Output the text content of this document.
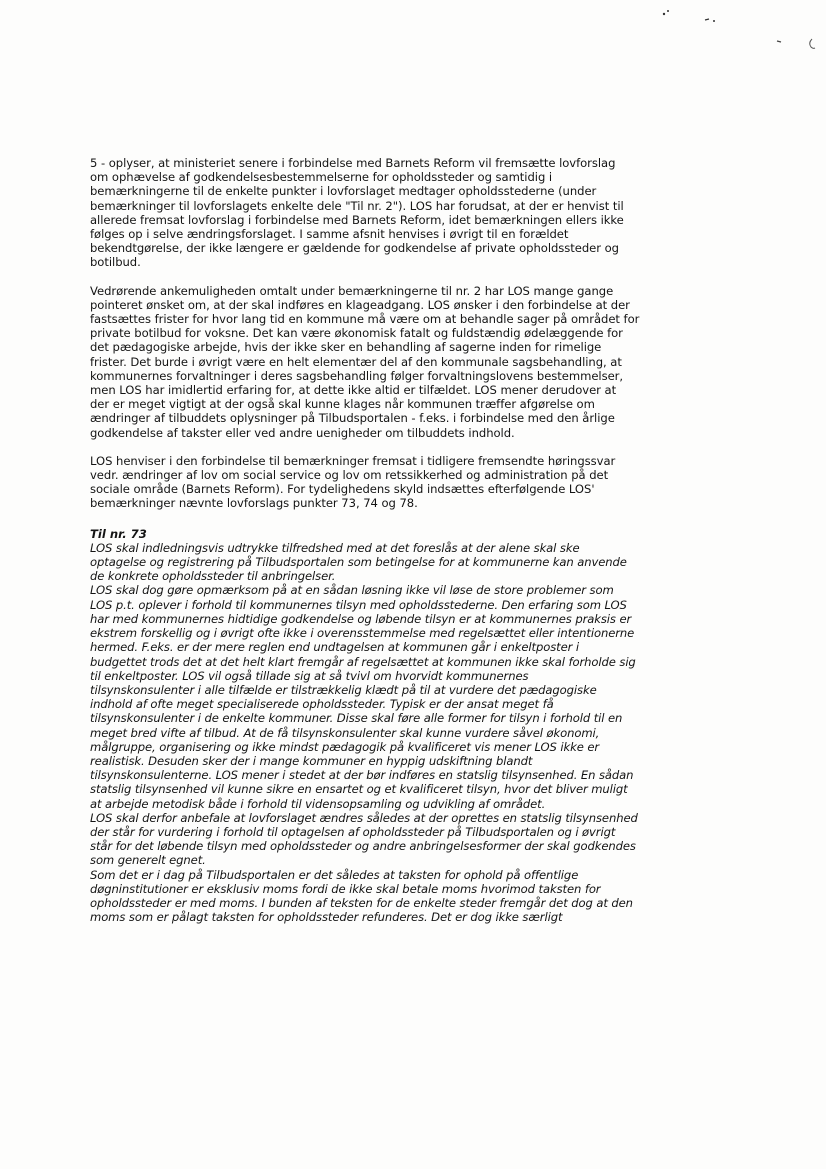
5 - oplyser, at ministeriet senere i forbindelse med Barnets Reform vil fremsætte lovforslag
om ophævelse af godkendelsesbestemmelserne for opholdssteder og samtidig i
bemærkningerne til de enkelte punkter i lovforslaget medtager opholdsstederne (under
bemærkninger til lovforslagets enkelte dele "Til nr. 2"). LOS har forudsat, at der er henvist til
allerede fremsat lovforslag i forbindelse med Barnets Reform, idet bemærkningen ellers ikke
følges op i selve ændringsforslaget. I samme afsnit henvises i øvrigt til en forældet
bekendtgørelse, der ikke længere er gældende for godkendelse af private opholdssteder og
botilbud.

Vedrørende ankemuligheden omtalt under bemærkningerne til nr. 2 har LOS mange gange
pointeret ønsket om, at der skal indføres en klageadgang. LOS ønsker i den forbindelse at der
fastsættes frister for hvor lang tid en kommune må være om at behandle sager på området for
private botilbud for voksne. Det kan være økonomisk fatalt og fuldstændig ødelæggende for
det pædagogiske arbejde, hvis der ikke sker en behandling af sagerne inden for rimelige
frister. Det burde i øvrigt være en helt elementær del af den kommunale sagsbehandling, at
kommunernes forvaltninger i deres sagsbehandling følger forvaltningslovens bestemmelser,
men LOS har imidlertid erfaring for, at dette ikke altid er tilfældet. LOS mener derudover at
der er meget vigtigt at der også skal kunne klages når kommunen træffer afgørelse om
ændringer af tilbuddets oplysninger på Tilbudsportalen - f.eks. i forbindelse med den årlige
godkendelse af takster eller ved andre uenigheder om tilbuddets indhold.

LOS henviser i den forbindelse til bemærkninger fremsat i tidligere fremsendte høringssvar
vedr. ændringer af lov om social service og lov om retssikkerhed og administration på det
sociale område (Barnets Reform). For tydelighedens skyld indsættes efterfølgende LOS'
bemærkninger nævnte lovforslags punkter 73, 74 og 78.

Til nr. 73

LOS skal indledningsvis udtrykke tilfredshed med at det foreslås at der alene skal ske
optagelse og registrering på Tilbudsportalen som betingelse for at kommunerne kan anvende
de konkrete opholdssteder til anbringelser.
LOS skal dog gøre opmærksom på at en sådan løsning ikke vil løse de store problemer som
LOS p.t. oplever i forhold til kommunernes tilsyn med opholdsstederne. Den erfaring som LOS
har med kommunernes hidtidige godkendelse og løbende tilsyn er at kommunernes praksis er
ekstrem forskellig og i øvrigt ofte ikke i overensstemmelse med regelsættet eller intentionerne
hermed. F.eks. er der mere reglen end undtagelsen at kommunen går i enkeltposter i
budgettet trods det at det helt klart fremgår af regelsættet at kommunen ikke skal forholde sig
til enkeltposter. LOS vil også tillade sig at så tvivl om hvorvidt kommunernes
tilsynskonsulenter i alle tilfælde er tilstrækkelig klædt på til at vurdere det pædagogiske
indhold af ofte meget specialiserede opholdssteder. Typisk er der ansat meget få
tilsynskonsulenter i de enkelte kommuner. Disse skal føre alle former for tilsyn i forhold til en
meget bred vifte af tilbud. At de få tilsynskonsulenter skal kunne vurdere såvel økonomi,
målgruppe, organisering og ikke mindst pædagogik på kvalificeret vis mener LOS ikke er
realistisk. Desuden sker der i mange kommuner en hyppig udskiftning blandt
tilsynskonsulenterne. LOS mener i stedet at der bør indføres en statslig tilsynsenhed. En sådan
statslig tilsynsenhed vil kunne sikre en ensartet og et kvalificeret tilsyn, hvor det bliver muligt
at arbejde metodisk både i forhold til vidensopsamling og udvikling af området.
LOS skal derfor anbefale at lovforslaget ændres således at der oprettes en statslig tilsynsenhed
der står for vurdering i forhold til optagelsen af opholdssteder på Tilbudsportalen og i øvrigt
står for det løbende tilsyn med opholdssteder og andre anbringelsesformer der skal godkendes
som generelt egnet.
Som det er i dag på Tilbudsportalen er det således at taksten for ophold på offentlige
døgninstitutioner er eksklusiv moms fordi de ikke skal betale moms hvorimod taksten for
opholdssteder er med moms. I bunden af teksten for de enkelte steder fremgår det dog at den
moms som er pålagt taksten for opholdssteder refunderes. Det er dog ikke særligt
